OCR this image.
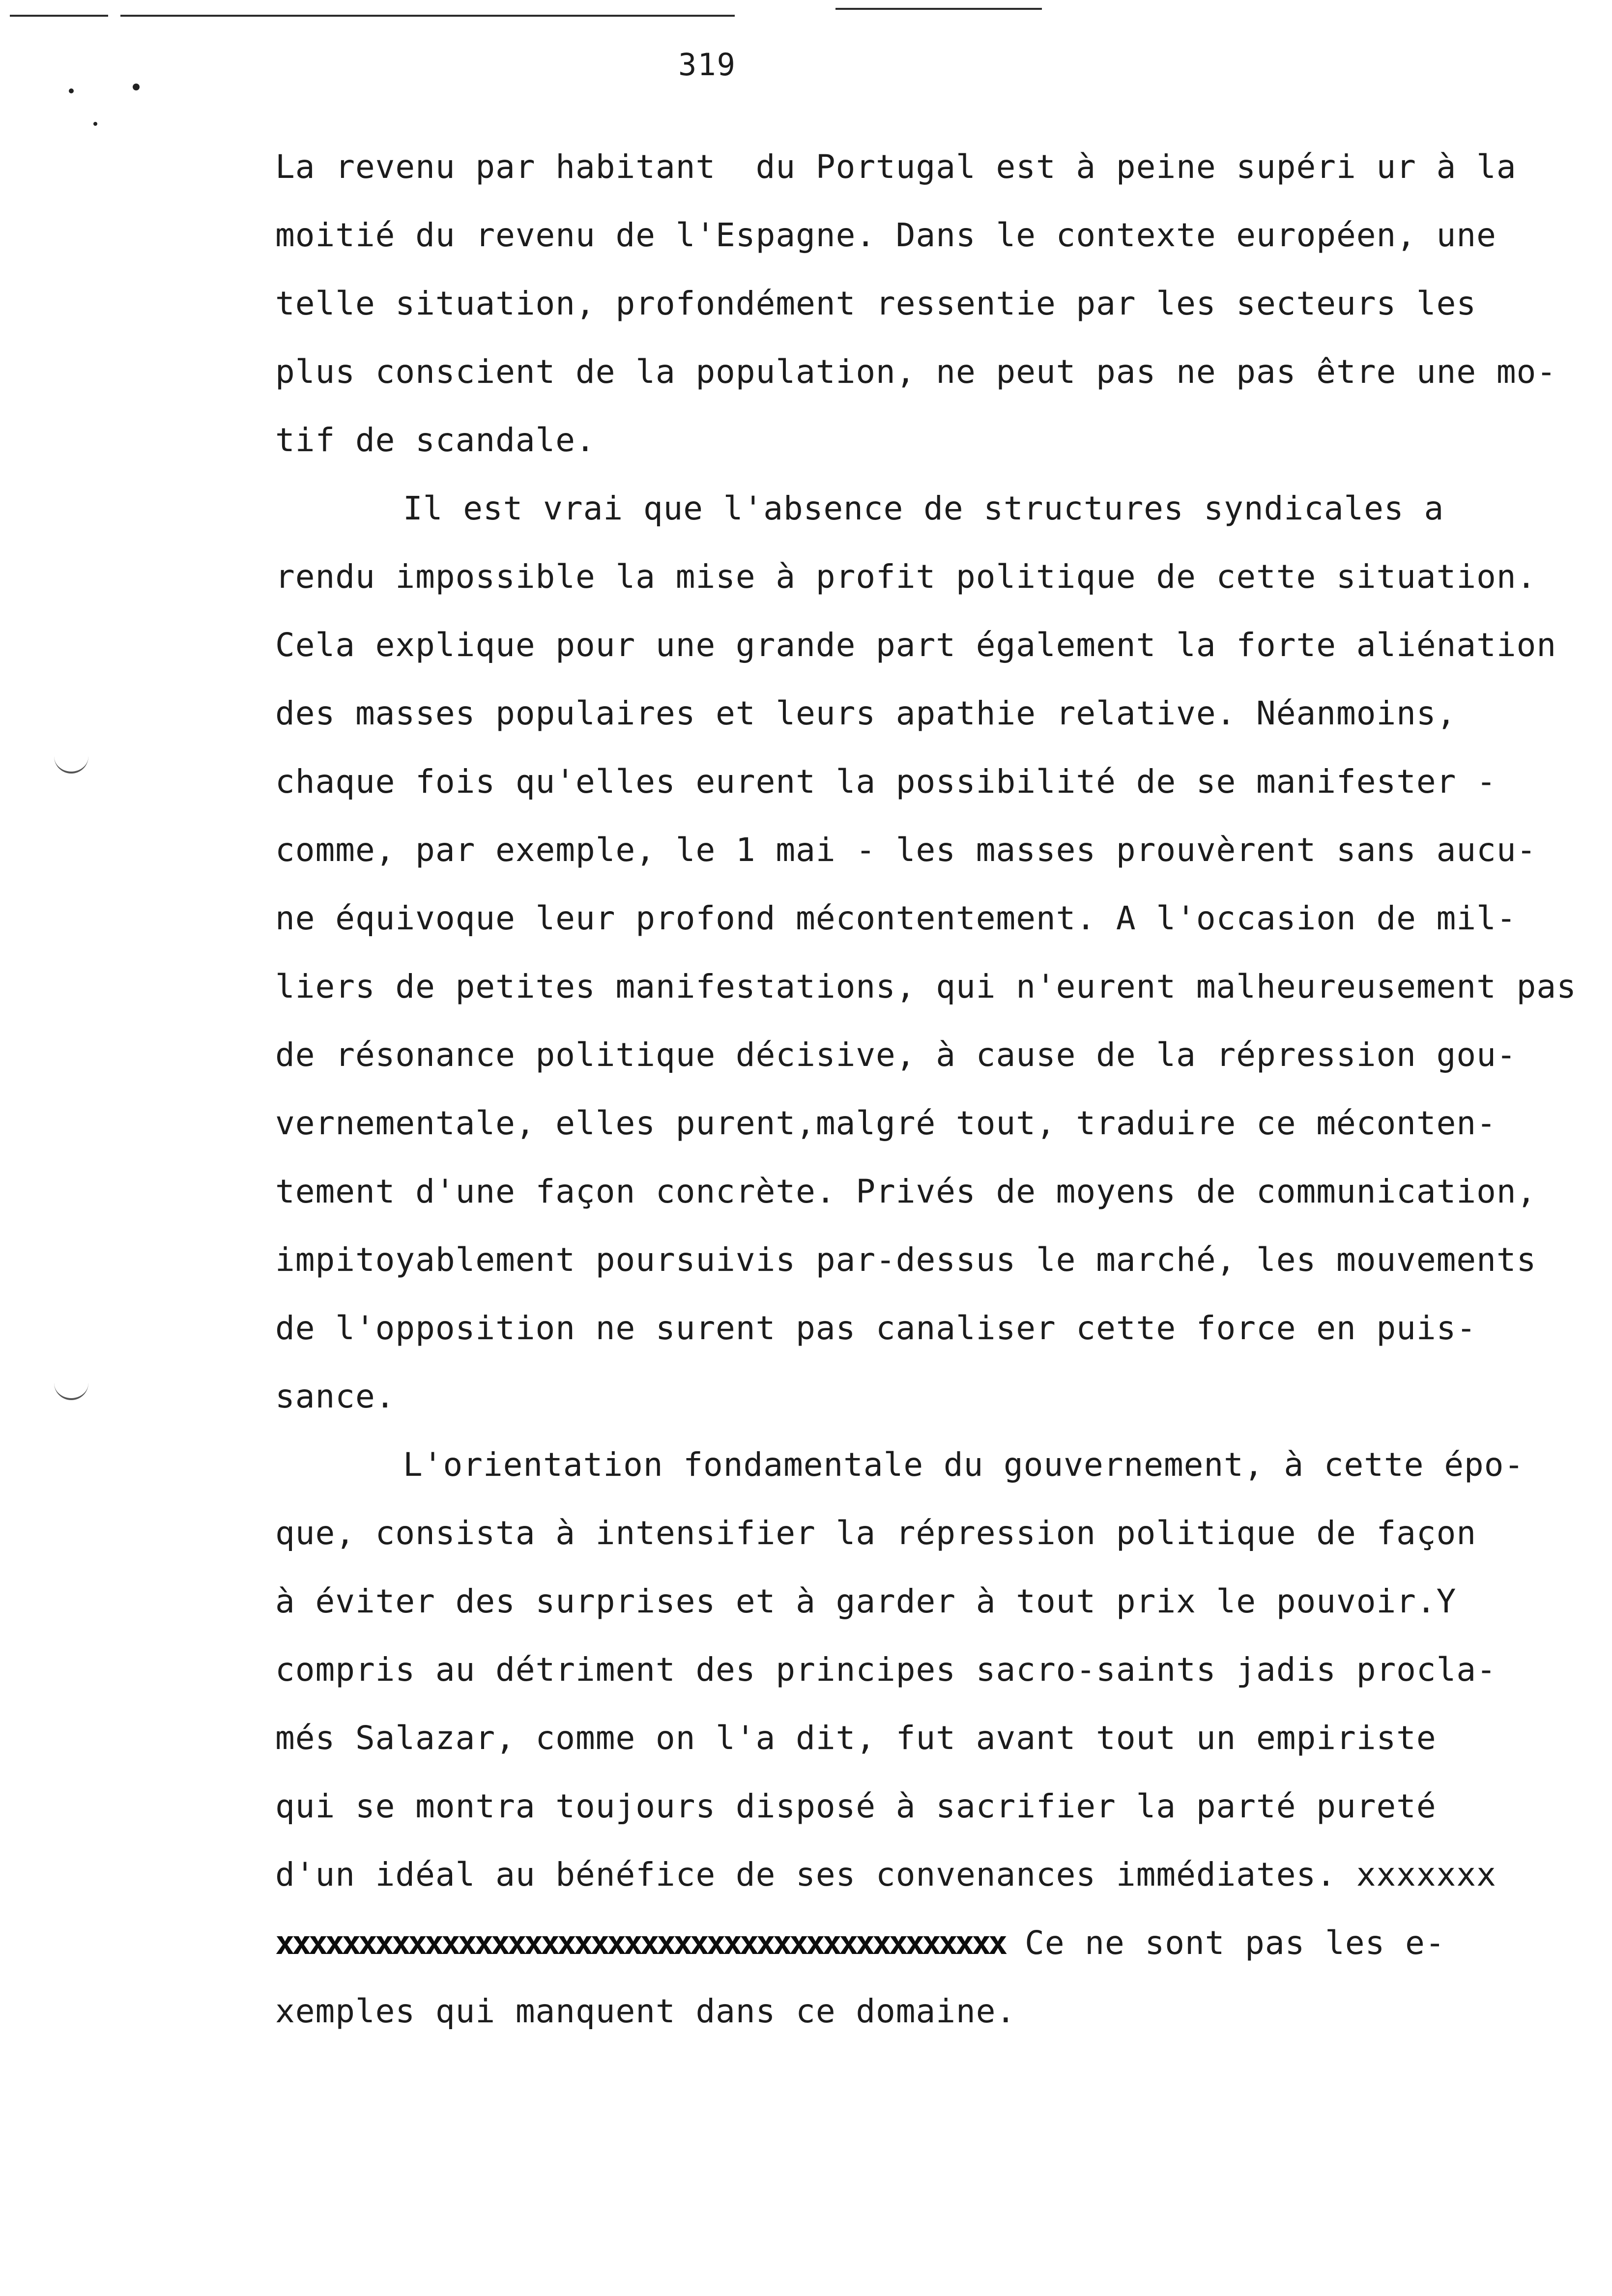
319
La revenu par habitant  du Portugal est à peine supéri ur à la
moitié du revenu de l'Espagne. Dans le contexte européen, une
telle situation, profondément ressentie par les secteurs les
plus conscient de la population, ne peut pas ne pas être une mo-
tif de scandale.
Il est vrai que l'absence de structures syndicales a
rendu impossible la mise à profit politique de cette situation.
Cela explique pour une grande part également la forte aliénation
des masses populaires et leurs apathie relative. Néanmoins,
chaque fois qu'elles eurent la possibilité de se manifester -
comme, par exemple, le 1 mai - les masses prouvèrent sans aucu-
ne équivoque leur profond mécontentement. A l'occasion de mil-
liers de petites manifestations, qui n'eurent malheureusement pas
de résonance politique décisive, à cause de la répression gou-
vernementale, elles purent,malgré tout, traduire ce méconten-
tement d'une façon concrète. Privés de moyens de communication,
impitoyablement poursuivis par-dessus le marché, les mouvements
de l'opposition ne surent pas canaliser cette force en puis-
sance.
L'orientation fondamentale du gouvernement, à cette épo-
que, consista à intensifier la répression politique de façon
à éviter des surprises et à garder à tout prix le pouvoir.Y
compris au détriment des principes sacro-saints jadis procla-
més Salazar, comme on l'a dit, fut avant tout un empiriste
qui se montra toujours disposé à sacrifier la parté pureté
d'un idéal au bénéfice de ses convenances immédiates. xxxxxxx
xxxxxxxxxxxxxxxxxxxxxxxxxxxxxxxxxxxxxxxxxxxx Ce ne sont pas les e-
xemples qui manquent dans ce domaine.
